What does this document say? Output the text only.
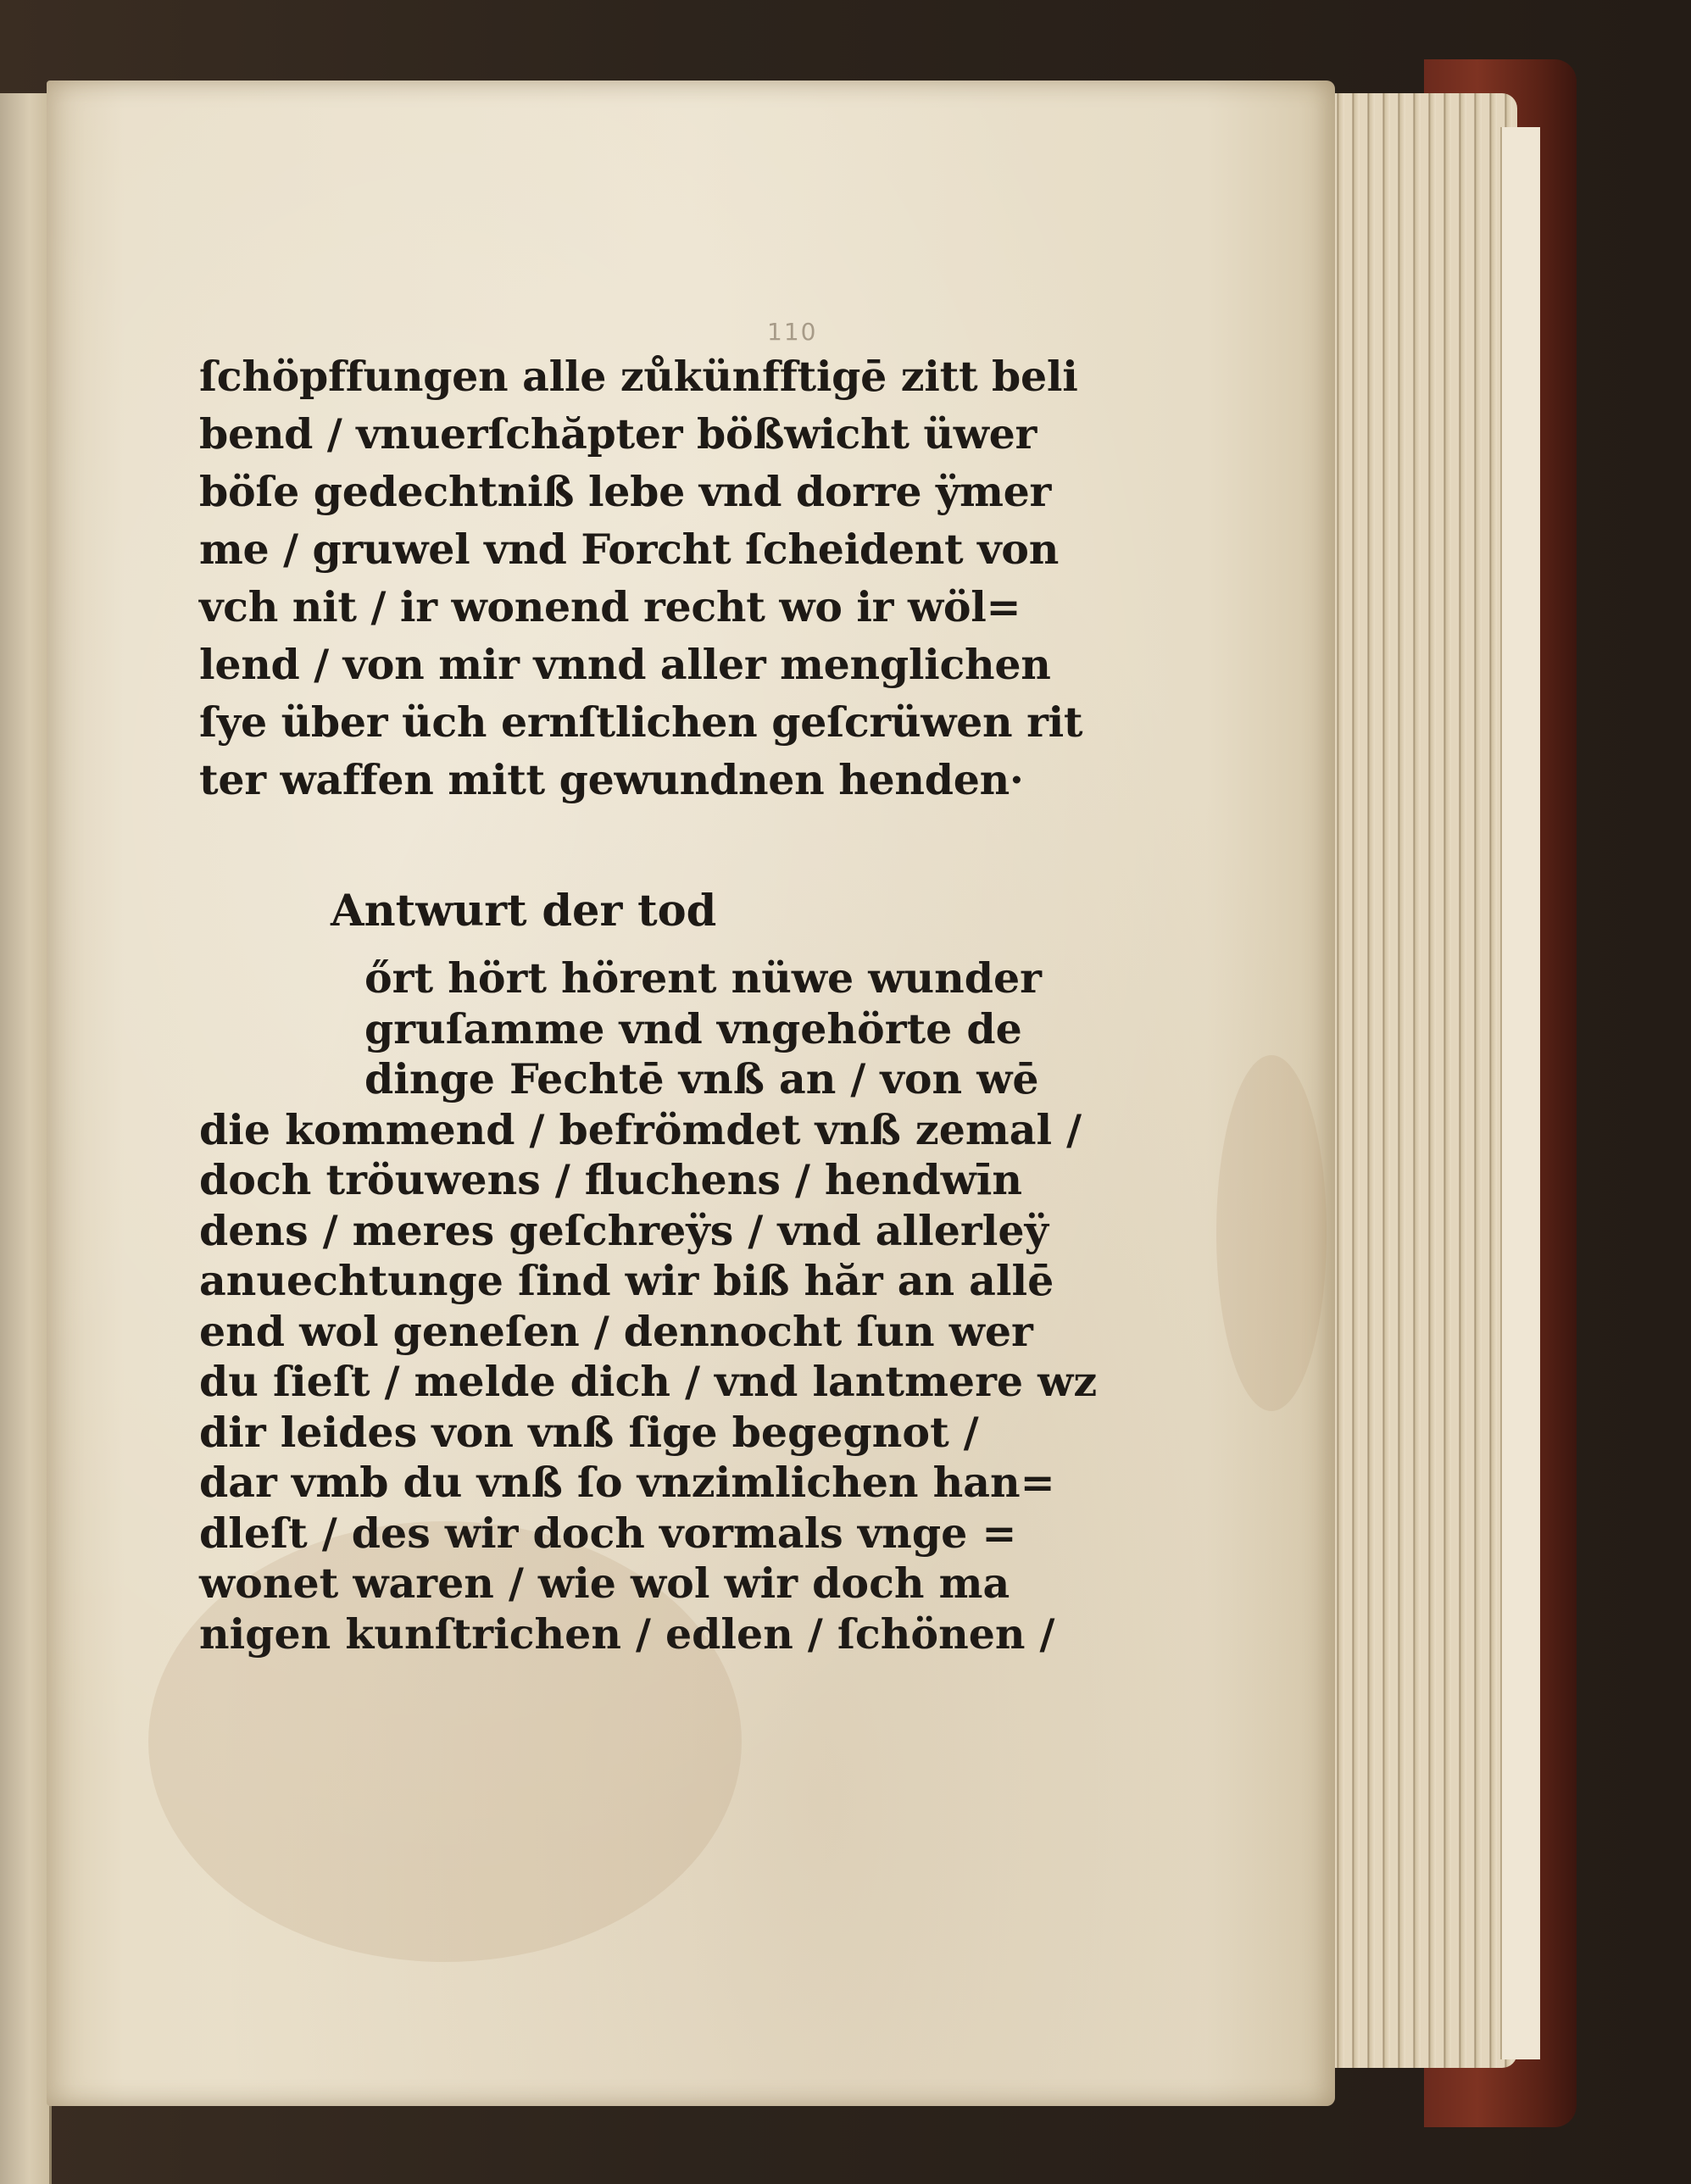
110
ſchöpffungen alle zůkünfftigē zitt beli
bend / vnuerſchăpter bößwicht üwer
böſe gedechtniß lebe vnd dorre ÿmer
me / gruwel vnd Forcht ſcheident von
vch nit / ir wonend recht wo ir wöl=
lend / von mir vnnd aller menglichen
ſye über üch ernſtlichen geſcrüwen rit
ter waffen mitt gewundnen henden·
Antwurt der tod
őrt hört hörent nüwe wunder
gruſamme vnd vngehörte de
dinge Fechtē vnß an / von wē
die kommend / befrömdet vnß zemal /
doch tröuwens / fluchens / hendwīn
dens / meres geſchreÿs / vnd allerleÿ
anuechtunge ſind wir biß hăr an allē
end wol geneſen / dennocht ſun wer
du ſieſt / melde dich / vnd lantmere wz
dir leides von vnß ſige begegnot /
dar vmb du vnß ſo vnzimlichen han=
dleſt / des wir doch vormals vnge =
wonet waren / wie wol wir doch ma
nigen kunſtrichen / edlen / ſchönen /
